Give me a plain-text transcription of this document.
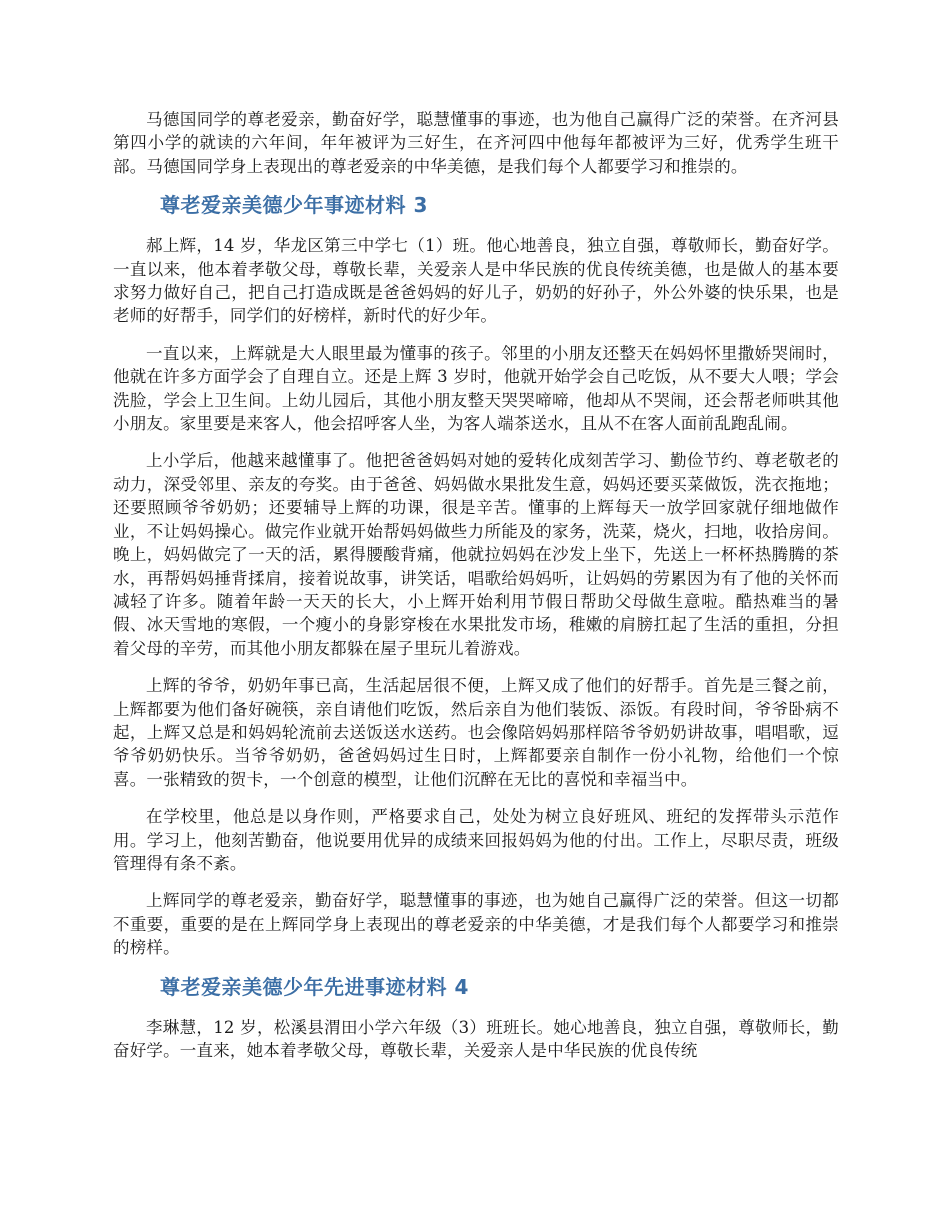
马德国同学的尊老爱亲，勤奋好学，聪慧懂事的事迹，也为他自己赢得广泛的荣誉。在齐河县第四小学的就读的六年间，年年被评为三好生，在齐河四中他每年都被评为三好，优秀学生班干部。马德国同学身上表现出的尊老爱亲的中华美德，是我们每个人都要学习和推崇的。

尊老爱亲美德少年事迹材料 3

郝上辉，14 岁，华龙区第三中学七（1）班。他心地善良，独立自强，尊敬师长，勤奋好学。一直以来，他本着孝敬父母，尊敬长辈，关爱亲人是中华民族的优良传统美德，也是做人的基本要求努力做好自己，把自己打造成既是爸爸妈妈的好儿子，奶奶的好孙子，外公外婆的快乐果，也是老师的好帮手，同学们的好榜样，新时代的好少年。

一直以来，上辉就是大人眼里最为懂事的孩子。邻里的小朋友还整天在妈妈怀里撒娇哭闹时，他就在许多方面学会了自理自立。还是上辉 3 岁时，他就开始学会自己吃饭，从不要大人喂；学会洗脸，学会上卫生间。上幼儿园后，其他小朋友整天哭哭啼啼，他却从不哭闹，还会帮老师哄其他小朋友。家里要是来客人，他会招呼客人坐，为客人端茶送水，且从不在客人面前乱跑乱闹。

上小学后，他越来越懂事了。他把爸爸妈妈对她的爱转化成刻苦学习、勤俭节约、尊老敬老的动力，深受邻里、亲友的夸奖。由于爸爸、妈妈做水果批发生意，妈妈还要买菜做饭，洗衣拖地；还要照顾爷爷奶奶；还要辅导上辉的功课，很是辛苦。懂事的上辉每天一放学回家就仔细地做作业，不让妈妈操心。做完作业就开始帮妈妈做些力所能及的家务，洗菜，烧火，扫地，收拾房间。晚上，妈妈做完了一天的活，累得腰酸背痛，他就拉妈妈在沙发上坐下，先送上一杯杯热腾腾的茶水，再帮妈妈捶背揉肩，接着说故事，讲笑话，唱歌给妈妈听，让妈妈的劳累因为有了他的关怀而减轻了许多。随着年龄一天天的长大，小上辉开始利用节假日帮助父母做生意啦。酷热难当的暑假、冰天雪地的寒假，一个瘦小的身影穿梭在水果批发市场，稚嫩的肩膀扛起了生活的重担，分担着父母的辛劳，而其他小朋友都躲在屋子里玩儿着游戏。

上辉的爷爷，奶奶年事已高，生活起居很不便，上辉又成了他们的好帮手。首先是三餐之前，上辉都要为他们备好碗筷，亲自请他们吃饭，然后亲自为他们装饭、添饭。有段时间，爷爷卧病不起，上辉又总是和妈妈轮流前去送饭送水送药。也会像陪妈妈那样陪爷爷奶奶讲故事，唱唱歌，逗爷爷奶奶快乐。当爷爷奶奶，爸爸妈妈过生日时，上辉都要亲自制作一份小礼物，给他们一个惊喜。一张精致的贺卡，一个创意的模型，让他们沉醉在无比的喜悦和幸福当中。

在学校里，他总是以身作则，严格要求自己，处处为树立良好班风、班纪的发挥带头示范作用。学习上，他刻苦勤奋，他说要用优异的成绩来回报妈妈为他的付出。工作上，尽职尽责，班级管理得有条不紊。

上辉同学的尊老爱亲，勤奋好学，聪慧懂事的事迹，也为她自己赢得广泛的荣誉。但这一切都不重要，重要的是在上辉同学身上表现出的尊老爱亲的中华美德，才是我们每个人都要学习和推崇的榜样。

尊老爱亲美德少年先进事迹材料 4

李琳慧，12 岁，松溪县渭田小学六年级（3）班班长。她心地善良，独立自强，尊敬师长，勤奋好学。一直来，她本着孝敬父母，尊敬长辈，关爱亲人是中华民族的优良传统
